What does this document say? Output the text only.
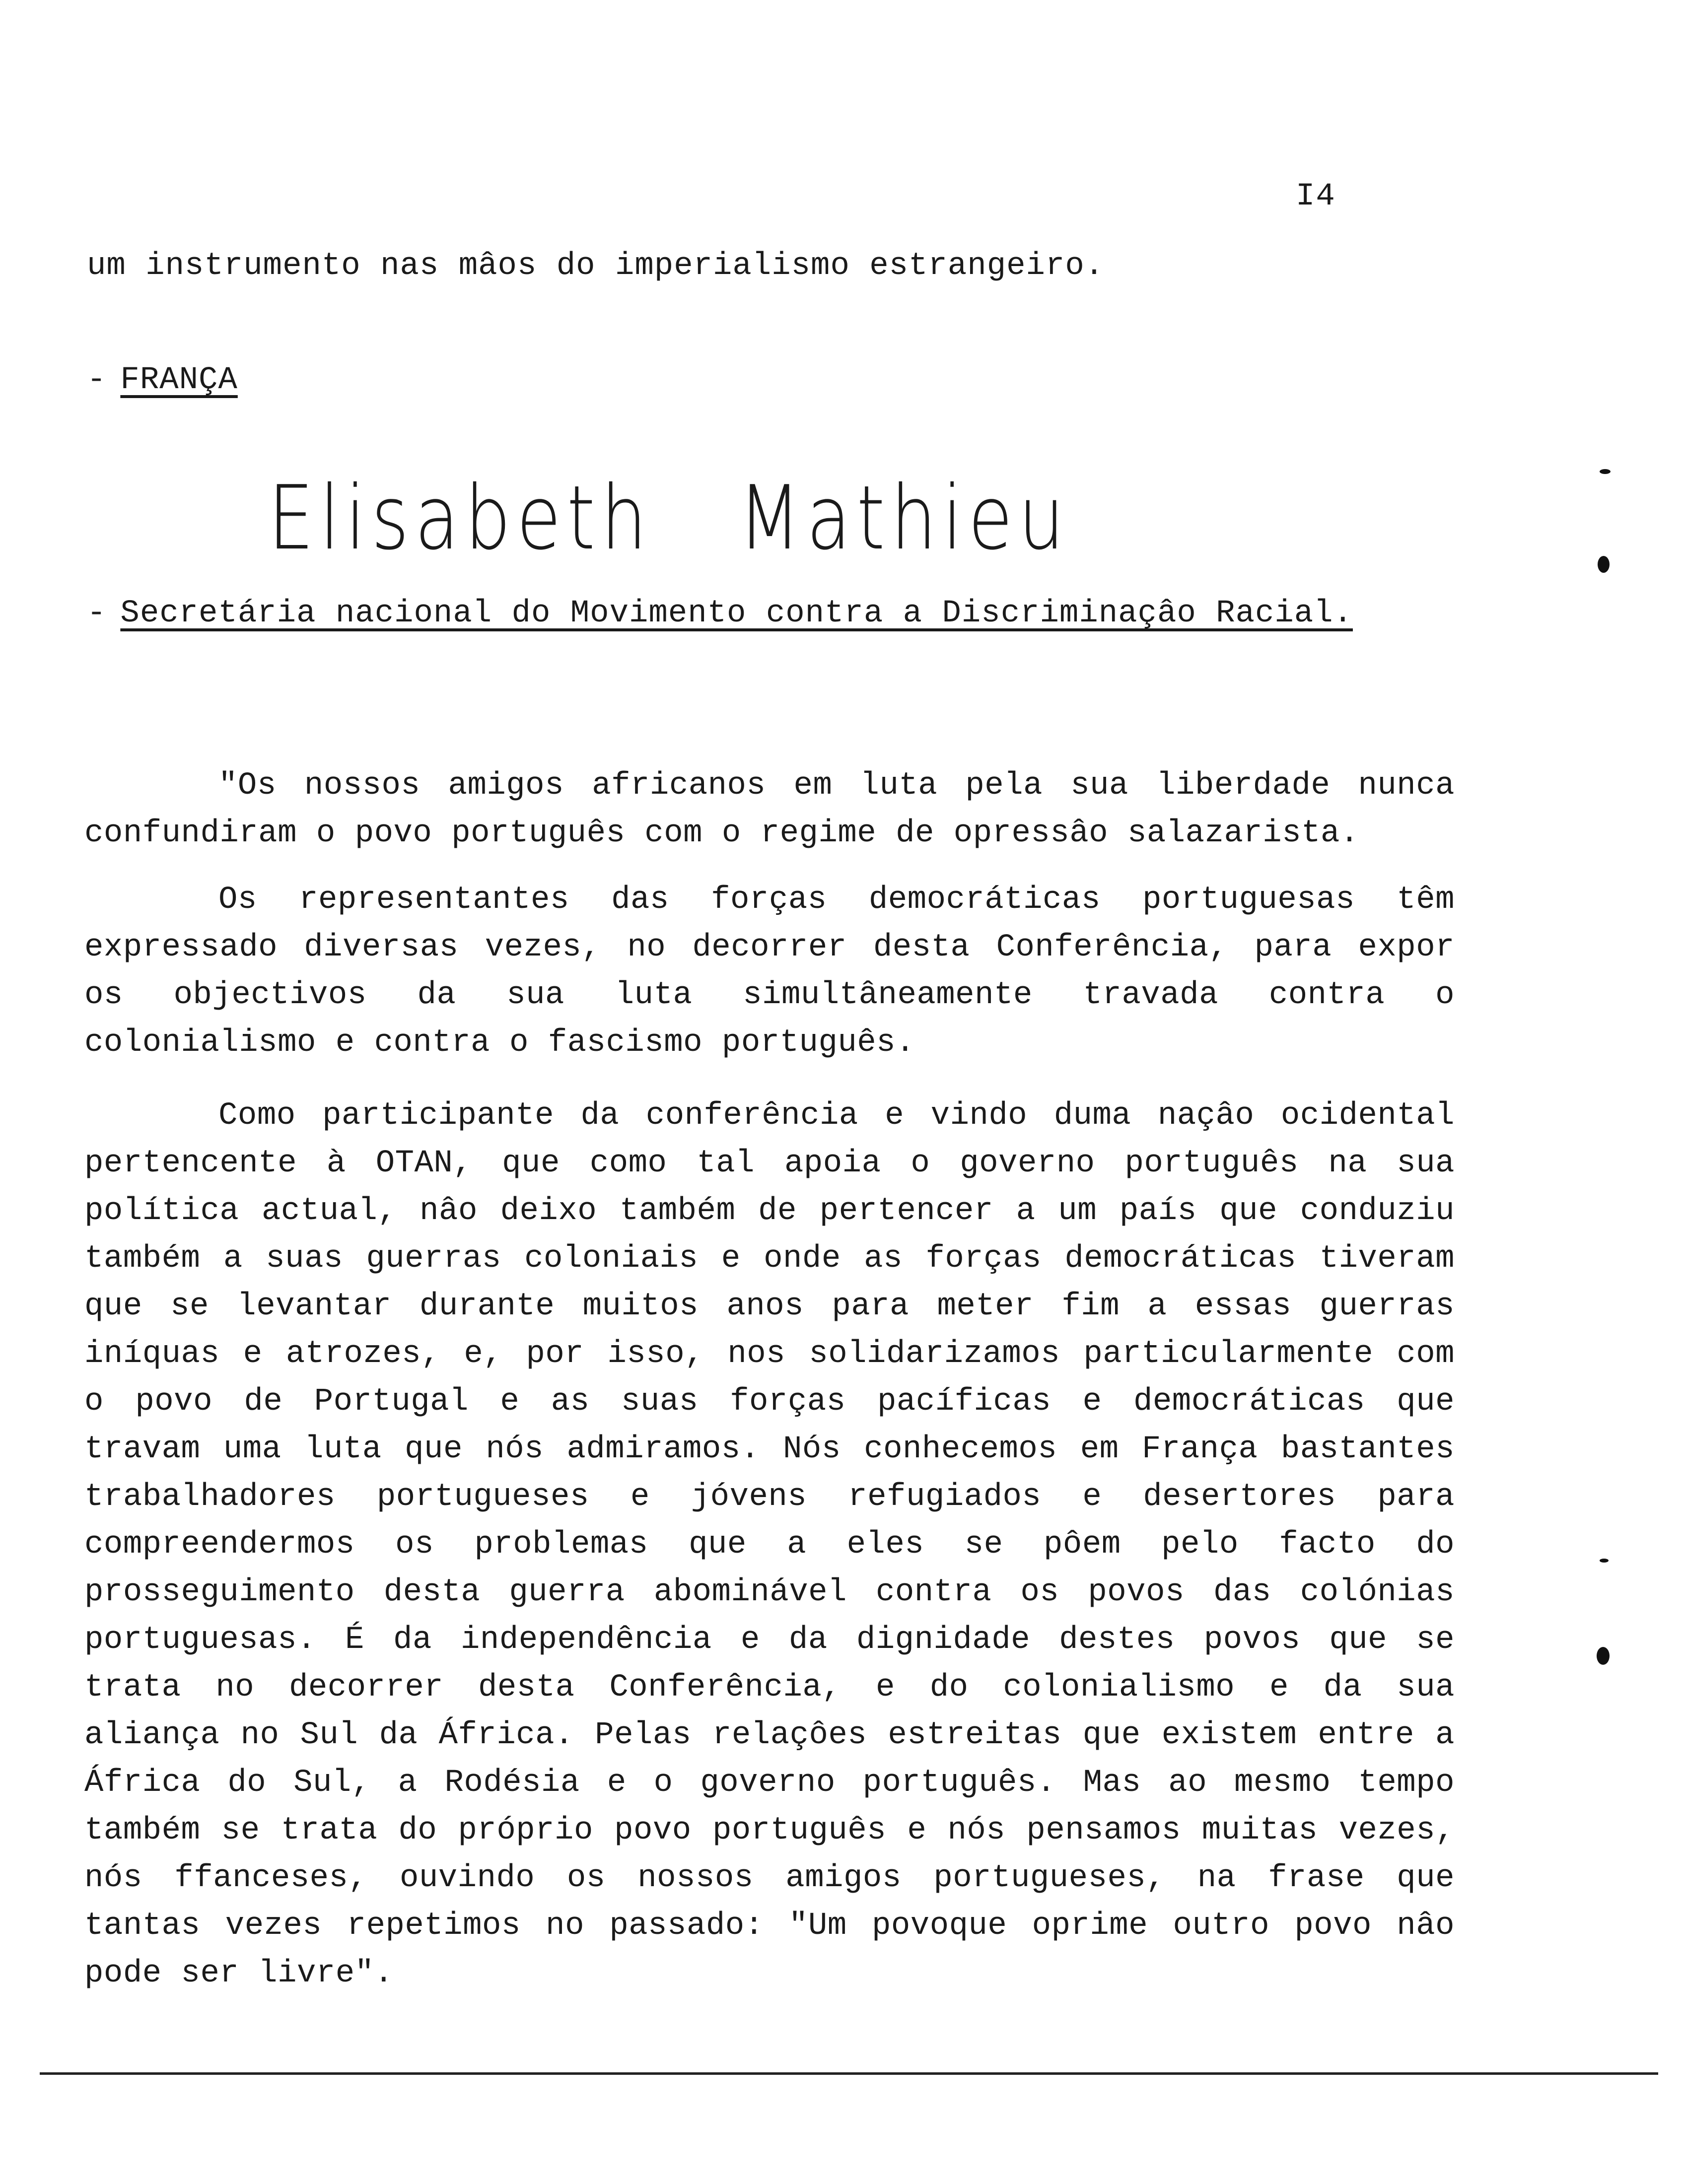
I4
um instrumento nas mâos do imperialismo estrangeiro.
- FRANÇA
Elisabeth Mathieu
- Secretária nacional do Movimento contra a Discriminaçâo Racial.

"Os nossos amigos africanos em luta pela sua liberdade nunca confundiram o povo português com o regime de opressâo salazarista.

Os representantes das forças democráticas portuguesas têm expressado diversas vezes, no decorrer desta Conferência, para expor os objectivos da sua luta simultâneamente travada contra o colonialismo e contra o fascismo português.

Como participante da conferência e vindo duma naçâo ocidental pertencente à OTAN, que como tal apoia o governo português na sua política actual, nâo deixo também de pertencer a um país que conduziu também a suas guerras coloniais e onde as forças democráticas tiveram que se levantar durante muitos anos para meter fim a essas guerras iníquas e atrozes, e, por isso, nos solidarizamos particularmente com o povo de Portugal e as suas forças pacíficas e democráticas que travam uma luta que nós admiramos. Nós conhecemos em França bastantes trabalhadores portugueses e jóvens refugiados e desertores para compreendermos os problemas que a eles se pôem pelo facto do prosseguimento desta guerra abominável contra os povos das colónias portuguesas. É da independência e da dignidade destes povos que se trata no decorrer desta Conferência, e do colonialismo e da sua aliança no Sul da África. Pelas relaçôes estreitas que existem entre a África do Sul, a Rodésia e o governo português. Mas ao mesmo tempo também se trata do próprio povo português e nós pensamos muitas vezes, nós ffanceses, ouvindo os nossos amigos portugueses, na frase que tantas vezes repetimos no passado: "Um povoque oprime outro povo nâo pode ser livre".
